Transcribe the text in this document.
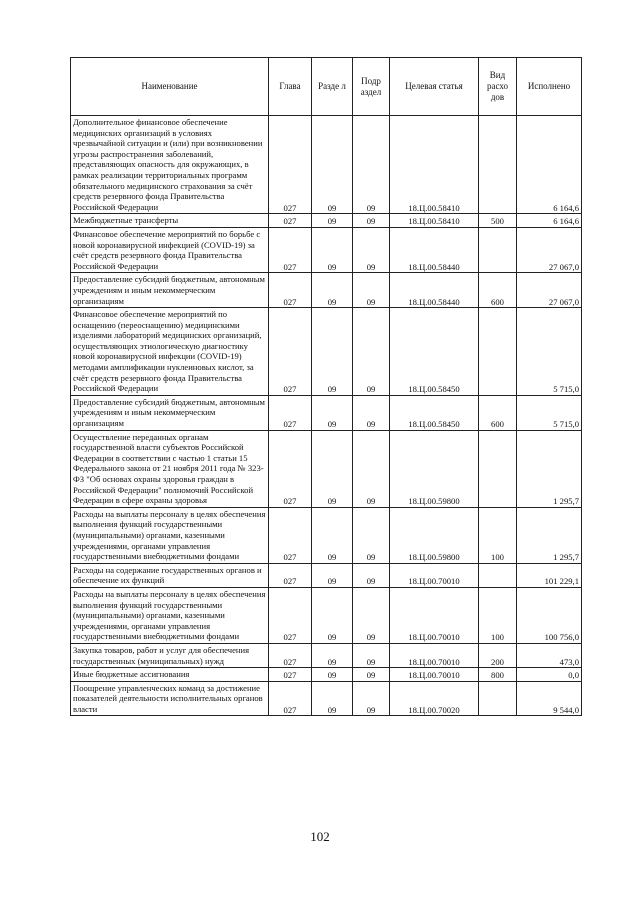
Наименование	Глава	Разде л	Подр аздел	Целевая статья	Вид расхо дов	Исполнено
Дополнительное финансовое обеспечение медицинских организаций в условиях чрезвычайной ситуации и (или) при возникновении угрозы распространения заболеваний, представляющих опасность для окружающих, в рамках реализации территориальных программ обязательного медицинского страхования за счёт средств резервного фонда Правительства Российской Федерации	027	09	09	18.Ц.00.58410		6 164,6
Межбюджетные трансферты	027	09	09	18.Ц.00.58410	500	6 164,6
Финансовое обеспечение мероприятий по борьбе с новой коронавирусной инфекцией (COVID-19) за счёт средств резервного фонда Правительства Российской Федерации	027	09	09	18.Ц.00.58440		27 067,0
Предоставление субсидий бюджетным, автономным учреждениям и иным некоммерческим организациям	027	09	09	18.Ц.00.58440	600	27 067,0
Финансовое обеспечение мероприятий по оснащению (переоснащению) медицинскими изделиями лабораторий медицинских организаций, осуществляющих этиологическую диагностику новой коронавирусной инфекции (COVID-19) методами амплификации нуклеиновых кислот, за счёт средств резервного фонда Правительства Российской Федерации	027	09	09	18.Ц.00.58450		5 715,0
Предоставление субсидий бюджетным, автономным учреждениям и иным некоммерческим организациям	027	09	09	18.Ц.00.58450	600	5 715,0
Осуществление переданных органам государственной власти субъектов Российской Федерации в соответствии с частью 1 статьи 15 Федерального закона от 21 ноября 2011 года № 323-ФЗ "Об основах охраны здоровья граждан в Российской Федерации" полномочий Российской Федерации в сфере охраны здоровья	027	09	09	18.Ц.00.59800		1 295,7
Расходы на выплаты персоналу в целях обеспечения выполнения функций государственными (муниципальными) органами, казенными учреждениями, органами управления государственными внебюджетными фондами	027	09	09	18.Ц.00.59800	100	1 295,7
Расходы на содержание государственных органов и обеспечение их функций	027	09	09	18.Ц.00.70010		101 229,1
Расходы на выплаты персоналу в целях обеспечения выполнения функций государственными (муниципальными) органами, казенными учреждениями, органами управления государственными внебюджетными фондами	027	09	09	18.Ц.00.70010	100	100 756,0
Закупка товаров, работ и услуг для обеспечения государственных (муниципальных) нужд	027	09	09	18.Ц.00.70010	200	473,0
Иные бюджетные ассигнования	027	09	09	18.Ц.00.70010	800	0,0
Поощрение управленческих команд за достижение показателей деятельности исполнительных органов власти	027	09	09	18.Ц.00.70020		9 544,0
102
